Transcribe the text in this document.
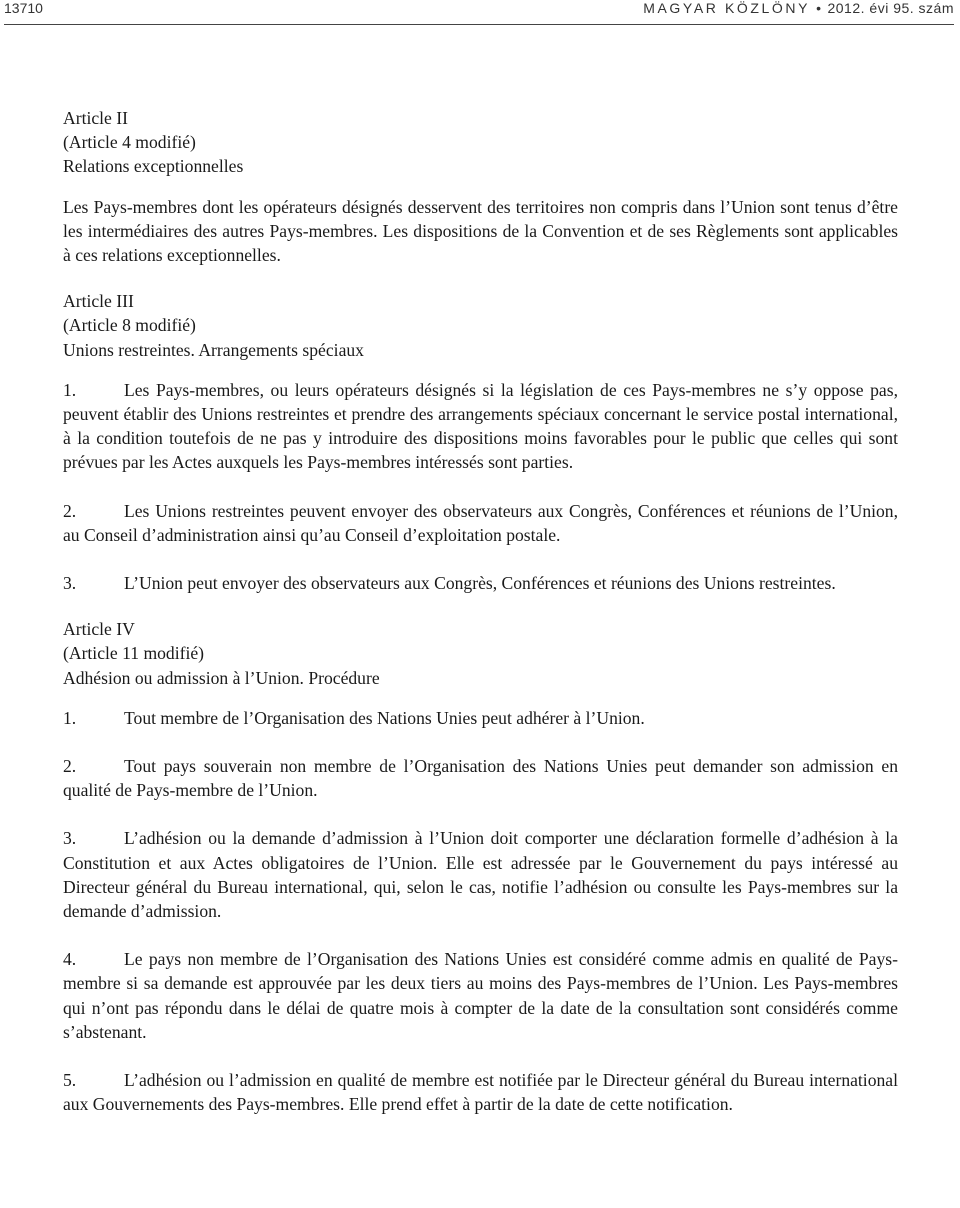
13710	MAGYAR KÖZLÖNY • 2012. évi 95. szám
Article II
(Article 4 modifié)
Relations exceptionnelles

Les Pays-membres dont les opérateurs désignés desservent des territoires non compris dans l’Union sont tenus d’être les intermédiaires des autres Pays-membres. Les dispositions de la Convention et de ses Règlements sont applicables à ces relations exceptionnelles.

Article III
(Article 8 modifié)
Unions restreintes. Arrangements spéciaux

1.	Les Pays-membres, ou leurs opérateurs désignés si la législation de ces Pays-membres ne s’y oppose pas, peuvent établir des Unions restreintes et prendre des arrangements spéciaux concernant le service postal international, à la condition toutefois de ne pas y introduire des dispositions moins favorables pour le public que celles qui sont prévues par les Actes auxquels les Pays-membres intéressés sont parties.

2.	Les Unions restreintes peuvent envoyer des observateurs aux Congrès, Conférences et réunions de l’Union, au Conseil d’administration ainsi qu’au Conseil d’exploitation postale.

3.	L’Union peut envoyer des observateurs aux Congrès, Conférences et réunions des Unions restreintes.

Article IV
(Article 11 modifié)
Adhésion ou admission à l’Union. Procédure

1.	Tout membre de l’Organisation des Nations Unies peut adhérer à l’Union.

2.	Tout pays souverain non membre de l’Organisation des Nations Unies peut demander son admission en qualité de Pays-membre de l’Union.

3.	L’adhésion ou la demande d’admission à l’Union doit comporter une déclaration formelle d’adhésion à la Constitution et aux Actes obligatoires de l’Union. Elle est adressée par le Gouvernement du pays intéressé au Directeur général du Bureau international, qui, selon le cas, notifie l’adhésion ou consulte les Pays-membres sur la demande d’admission.

4.	Le pays non membre de l’Organisation des Nations Unies est considéré comme admis en qualité de Pays-membre si sa demande est approuvée par les deux tiers au moins des Pays-membres de l’Union. Les Pays-membres qui n’ont pas répondu dans le délai de quatre mois à compter de la date de la consultation sont considérés comme s’abstenant.

5.	L’adhésion ou l’admission en qualité de membre est notifiée par le Directeur général du Bureau international aux Gouvernements des Pays-membres. Elle prend effet à partir de la date de cette notification.
